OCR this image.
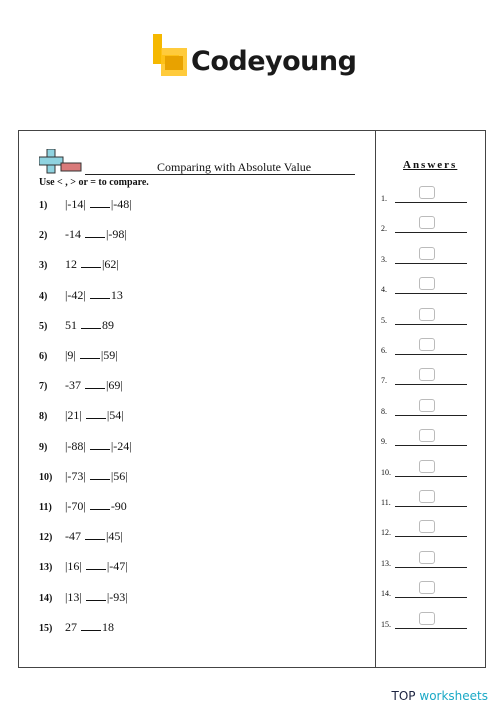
Codeyoung
Comparing with Absolute Value
Use < , > or = to compare.
1) |-14| |-48|
2) -14 |-98|
3) 12 |62|
4) |-42| 13
5) 51 89
6) |9| |59|
7) -37 |69|
8) |21| |54|
9) |-88| |-24|
10) |-73| |56|
11) |-70| -90
12) -47 |45|
13) |16| |-47|
14) |13| |-93|
15) 27 18
Answers
1.
2.
3.
4.
5.
6.
7.
8.
9.
10.
11.
12.
13.
14.
15.
TOP worksheets
